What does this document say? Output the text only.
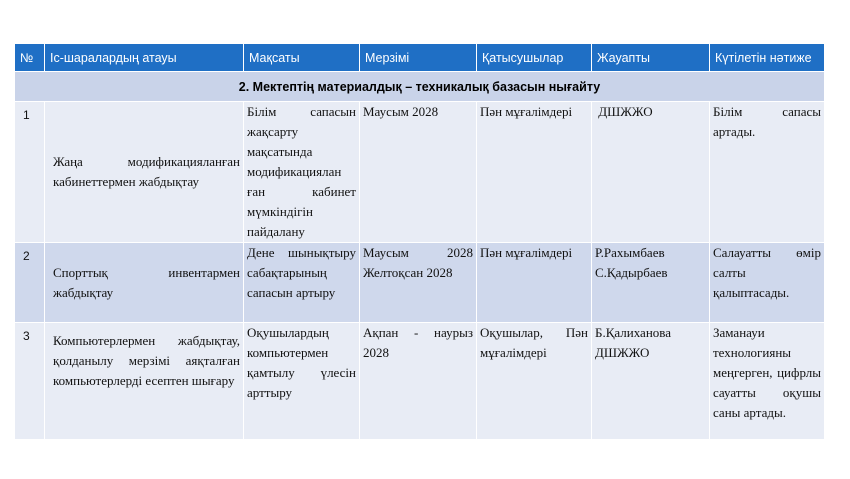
№	Іс-шаралардың атауы	Мақсаты	Мерзімі	Қатысушылар	Жауапты	Күтілетін нәтиже
2. Мектептің материалдық – техникалық базасын нығайту						
1	Жаңа модификацияланған кабинеттермен жабдықтау	Білім сапасын жақсарту мақсатында модификациялан ған кабинет мүмкіндігін пайдалану	Маусым 2028	Пән мұғалімдері	ДШЖЖО	Білім сапасы артады.
2	Спорттық инвентармен жабдықтау	Дене шынықтыру сабақтарының сапасын артыру	Маусым 2028 Желтоқсан 2028	Пән мұғалімдері	Р.Рахымбаев С.Қадырбаев	Салауатты өмір салты қалыптасады.
3	Компьютерлермен жабдықтау, қолданылу мерзімі аяқталған компьютерлерді есептен шығару	Оқушылардың компьютермен қамтылу үлесін арттыру	Ақпан - наурыз 2028	Оқушылар, Пән мұғалімдері	Б.Қалиханова ДШЖЖО	Заманауи технологияны меңгерген, цифрлы сауатты оқушы саны артады.
